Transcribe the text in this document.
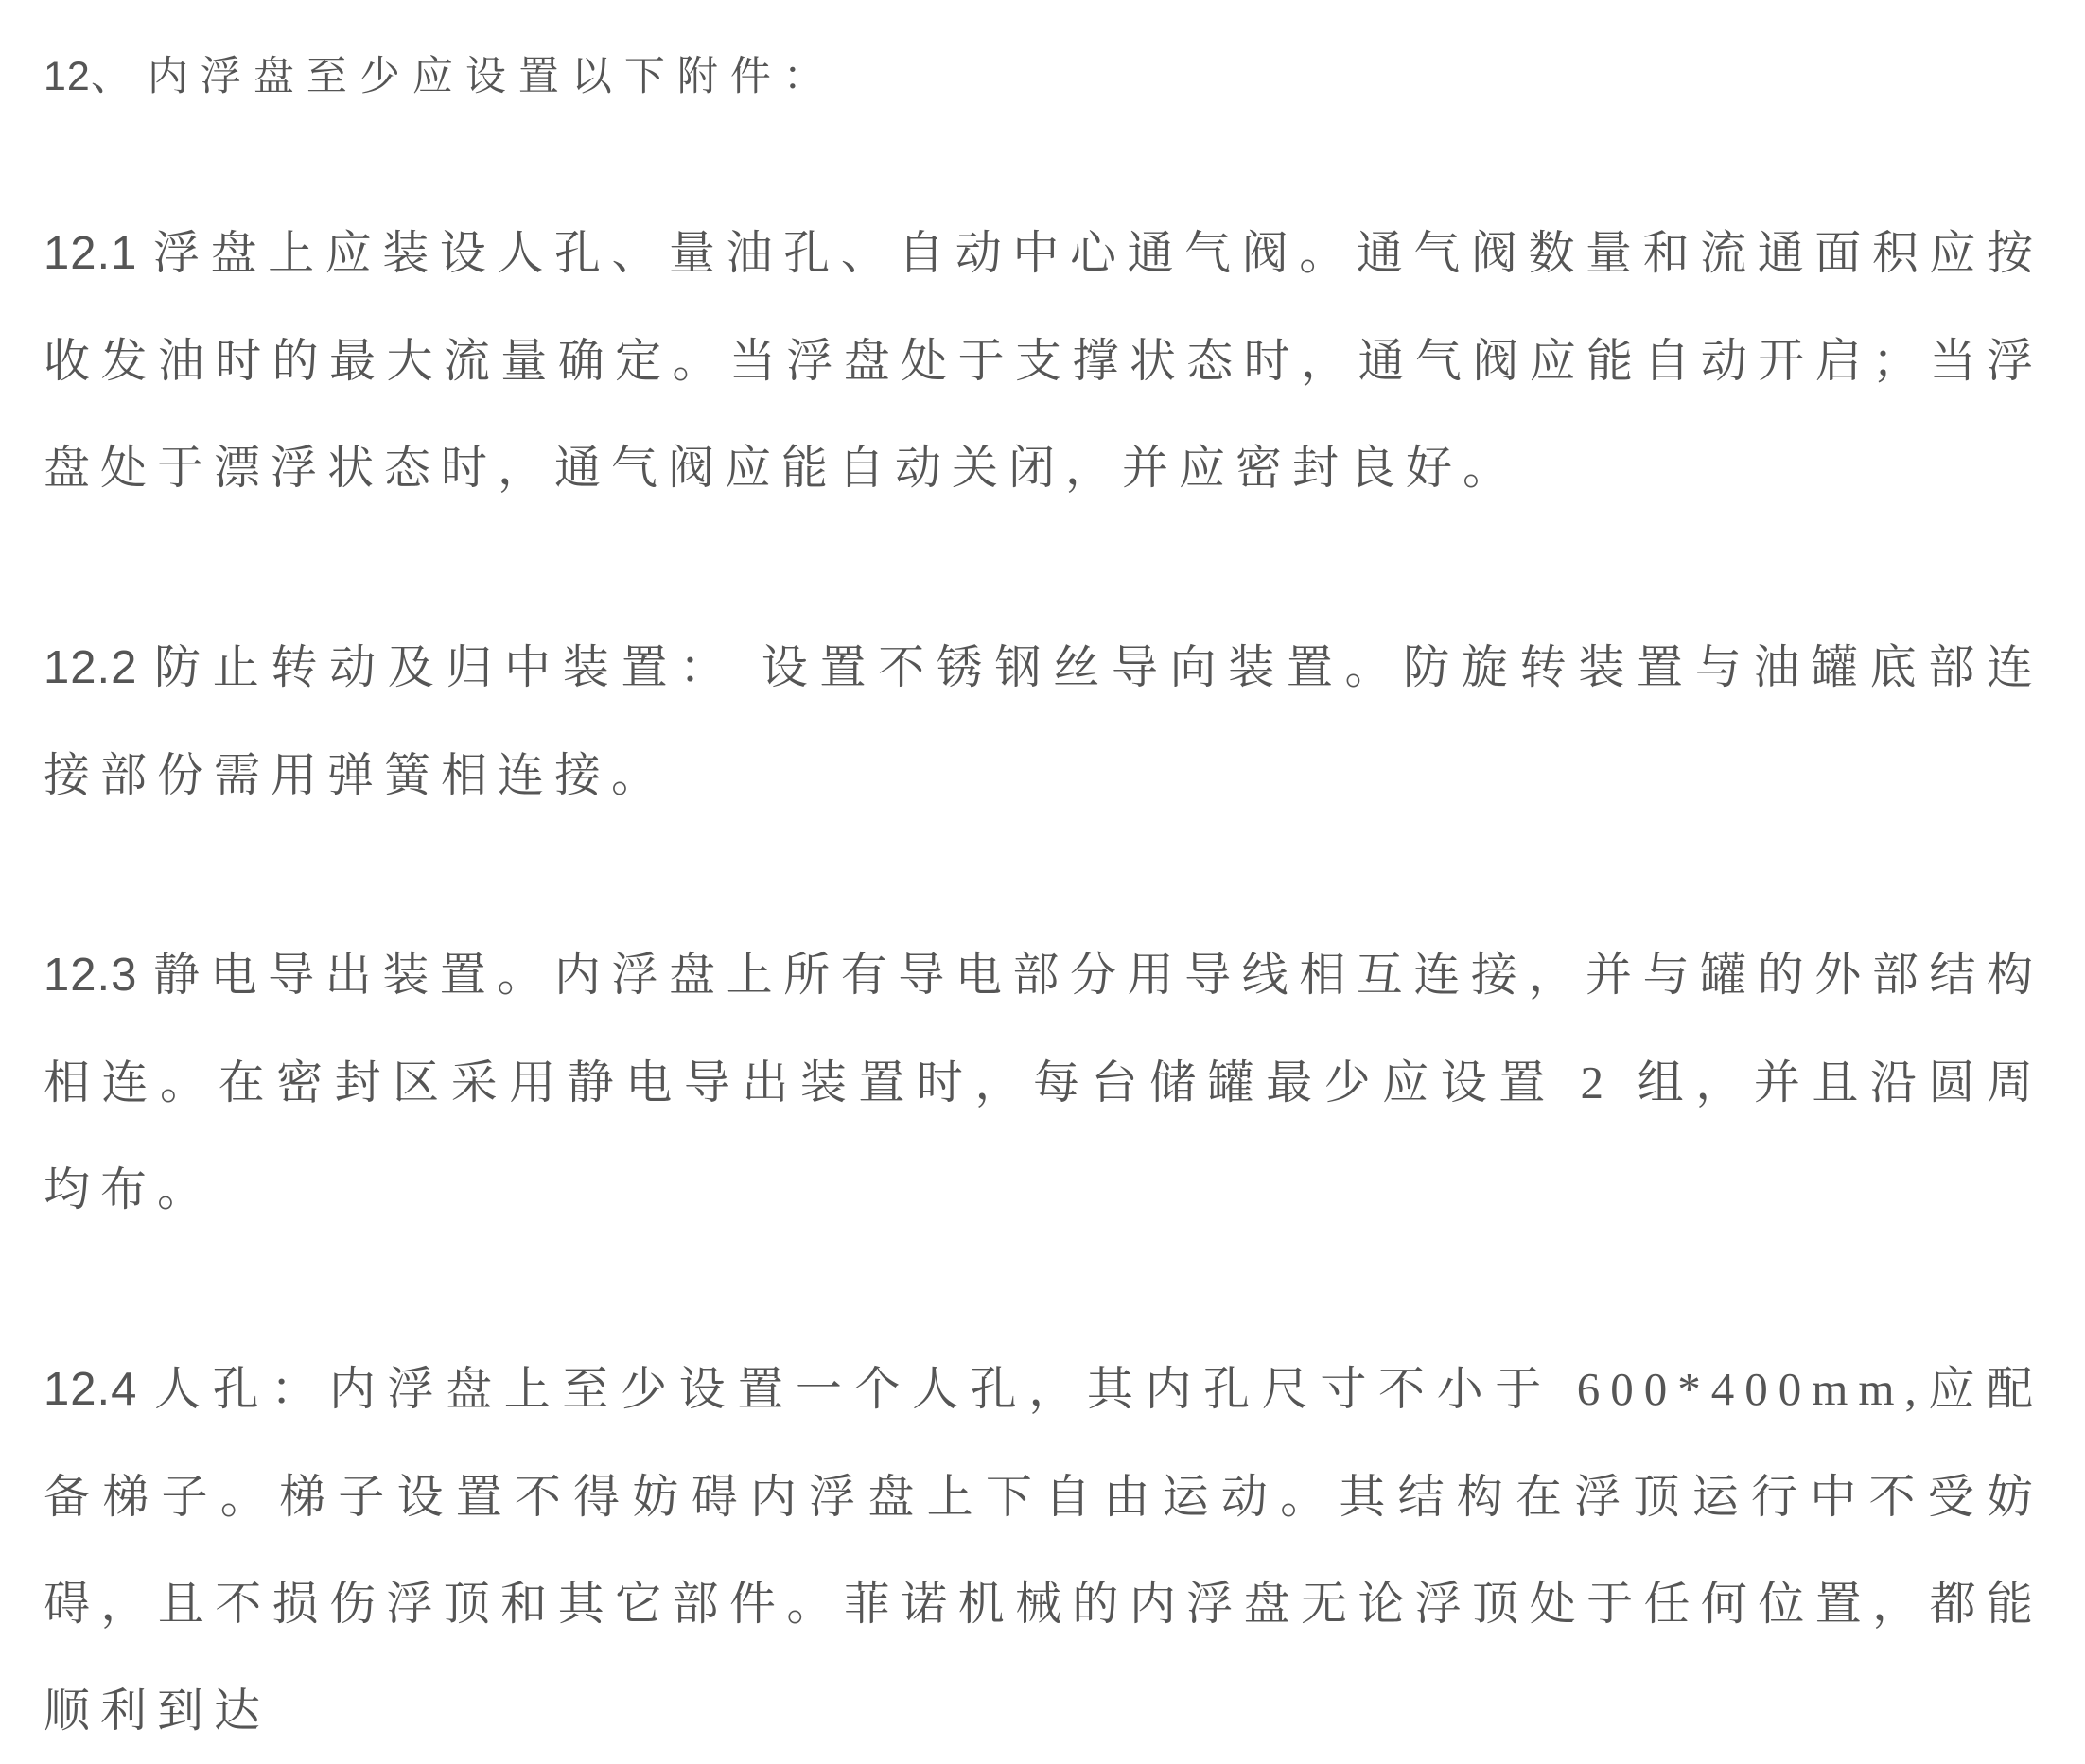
12、 内浮盘至少应设置以下附件：

12.1 浮盘上应装设人孔、量油孔、自动中心通气阀。通气阀数量和流通面积应按收发油时的最大流量确定。当浮盘处于支撑状态时，通气阀应能自动开启；当浮盘处于漂浮状态时，通气阀应能自动关闭，并应密封良好。

12.2 防止转动及归中装置： 设置不锈钢丝导向装置。防旋转装置与油罐底部连接部份需用弹簧相连接。

12.3 静电导出装置。内浮盘上所有导电部分用导线相互连接，并与罐的外部结构相连。在密封区采用静电导出装置时，每台储罐最少应设置 2 组，并且沿圆周均布。

12.4 人孔：内浮盘上至少设置一个人孔，其内孔尺寸不小于 600*400mm,应配备梯子。梯子设置不得妨碍内浮盘上下自由运动。其结构在浮顶运行中不受妨碍，且不损伤浮顶和其它部件。菲诺机械的内浮盘无论浮顶处于任何位置，都能顺利到达
